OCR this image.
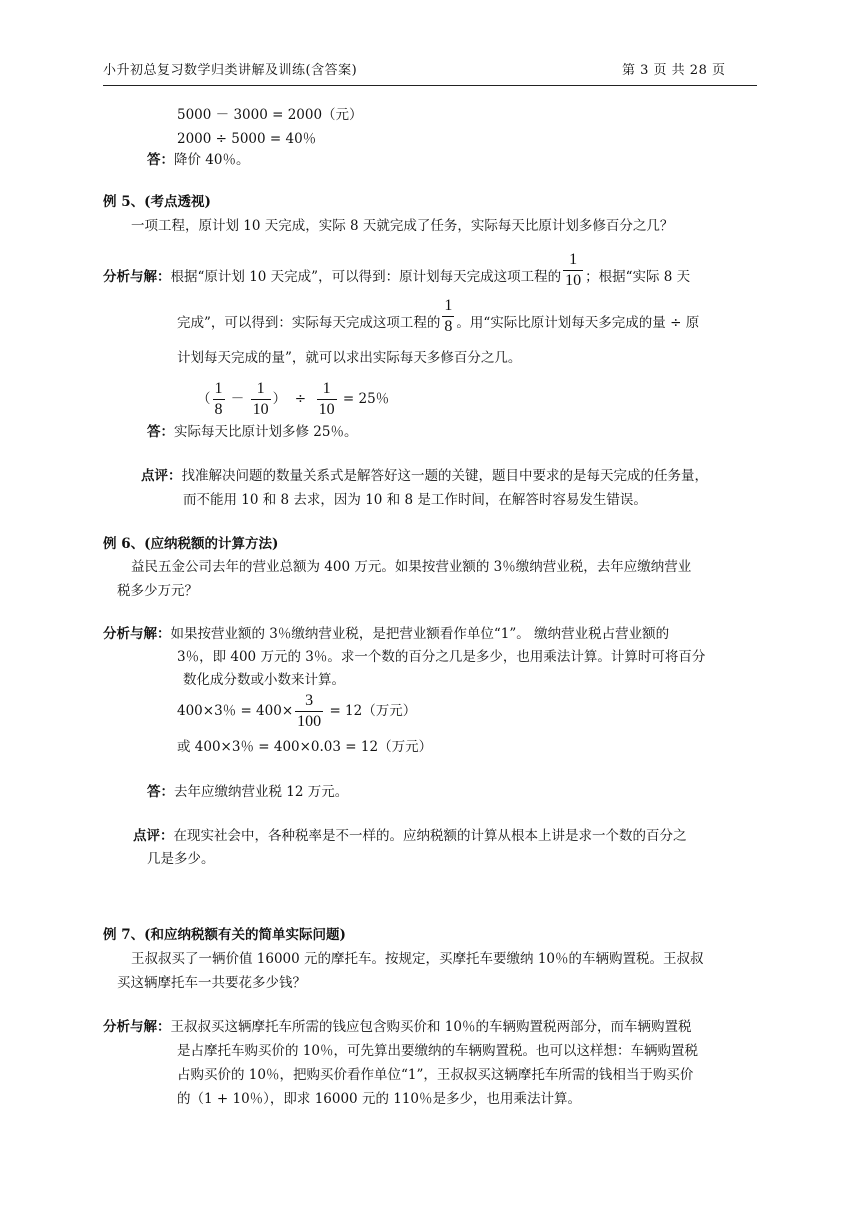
小升初总复习数学归类讲解及训练(含答案)	第 3 页 共 28 页
5000 － 3000 = 2000（元）
2000 ÷ 5000 = 40％
答：降价 40％。
例 5、(考点透视)
一项工程，原计划 10 天完成，实际 8 天就完成了任务，实际每天比原计划多修百分之几？
分析与解：根据“原计划 10 天完成”，可以得到：原计划每天完成这项工程的 $\frac{1}{10}$ ；根据“实际 8 天
完成”，可以得到：实际每天完成这项工程的 $\frac{1}{8}$ 。用“实际比原计划每天多完成的量 ÷ 原
计划每天完成的量”，就可以求出实际每天多修百分之几。
（ $\frac{1}{8} - \frac{1}{10}$ ） ÷ $\frac{1}{10} = 25$％
答：实际每天比原计划多修 25％。
点评：找准解决问题的数量关系式是解答好这一题的关键，题目中要求的是每天完成的任务量，
而不能用 10 和 8 去求，因为 10 和 8 是工作时间，在解答时容易发生错误。
例 6、(应纳税额的计算方法)
益民五金公司去年的营业总额为 400 万元。如果按营业额的 3％缴纳营业税，去年应缴纳营业
税多少万元？
分析与解：如果按营业额的 3％缴纳营业税，是把营业额看作单位“1”。 缴纳营业税占营业额的
3％，即 400 万元的 3％。求一个数的百分之几是多少，也用乘法计算。计算时可将百分
数化成分数或小数来计算。
400×3％ = $400\times \frac{3}{100} = 12$（万元）
或 400×3％ = 400×0.03 = 12（万元）
答：去年应缴纳营业税 12 万元。
点评：在现实社会中，各种税率是不一样的。应纳税额的计算从根本上讲是求一个数的百分之
几是多少。
例 7、(和应纳税额有关的简单实际问题)
王叔叔买了一辆价值 16000 元的摩托车。按规定，买摩托车要缴纳 10％的车辆购置税。王叔叔
买这辆摩托车一共要花多少钱？
分析与解：王叔叔买这辆摩托车所需的钱应包含购买价和 10％的车辆购置税两部分，而车辆购置税
是占摩托车购买价的 10％，可先算出要缴纳的车辆购置税。也可以这样想：车辆购置税
占购买价的 10％，把购买价看作单位“1”，王叔叔买这辆摩托车所需的钱相当于购买价
的（1 + 10％），即求 16000 元的 110％是多少，也用乘法计算。
